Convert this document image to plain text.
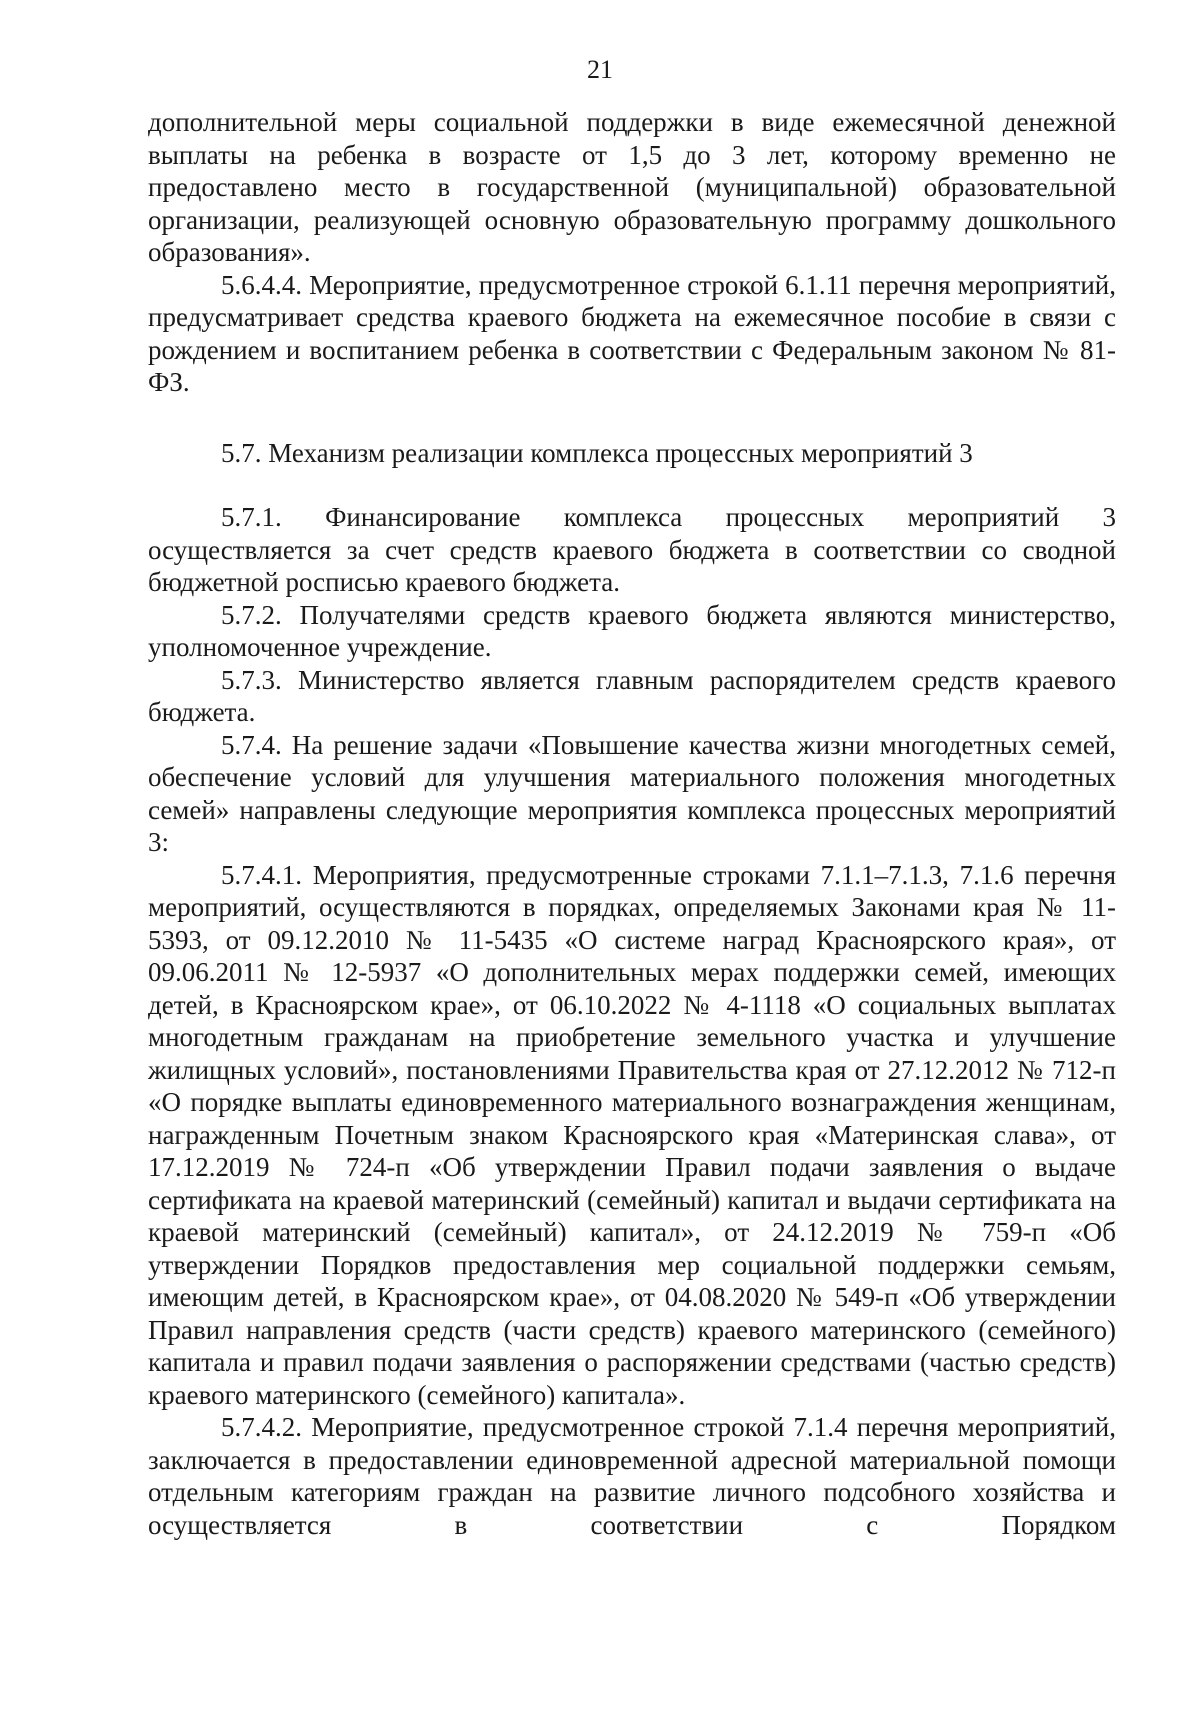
21

дополнительной меры социальной поддержки в виде ежемесячной денежной выплаты на ребенка в возрасте от 1,5 до 3 лет, которому временно не предоставлено место в государственной (муниципальной) образовательной организации, реализующей основную образовательную программу дошкольного образования».

5.6.4.4. Мероприятие, предусмотренное строкой 6.1.11 перечня мероприятий, предусматривает средства краевого бюджета на ежемесячное пособие в связи с рождением и воспитанием ребенка в соответствии с Федеральным законом № 81-ФЗ.

5.7. Механизм реализации комплекса процессных мероприятий 3

5.7.1. Финансирование комплекса процессных мероприятий 3 осуществляется за счет средств краевого бюджета в соответствии со сводной бюджетной росписью краевого бюджета.

5.7.2. Получателями средств краевого бюджета являются министерство, уполномоченное учреждение.

5.7.3. Министерство является главным распорядителем средств краевого бюджета.

5.7.4. На решение задачи «Повышение качества жизни многодетных семей, обеспечение условий для улучшения материального положения многодетных семей» направлены следующие мероприятия комплекса процессных мероприятий 3:

5.7.4.1. Мероприятия, предусмотренные строками 7.1.1–7.1.3, 7.1.6 перечня мероприятий, осуществляются в порядках, определяемых Законами края № 11-5393, от 09.12.2010 № 11-5435 «О системе наград Красноярского края», от 09.06.2011 № 12-5937 «О дополнительных мерах поддержки семей, имеющих детей, в Красноярском крае», от 06.10.2022 № 4-1118 «О социальных выплатах многодетным гражданам на приобретение земельного участка и улучшение жилищных условий», постановлениями Правительства края от 27.12.2012 № 712-п «О порядке выплаты единовременного материального вознаграждения женщинам, награжденным Почетным знаком Красноярского края «Материнская слава», от 17.12.2019 № 724-п «Об утверждении Правил подачи заявления о выдаче сертификата на краевой материнский (семейный) капитал и выдачи сертификата на краевой материнский (семейный) капитал», от 24.12.2019 № 759-п «Об утверждении Порядков предоставления мер социальной поддержки семьям, имеющим детей, в Красноярском крае», от 04.08.2020 № 549-п «Об утверждении Правил направления средств (части средств) краевого материнского (семейного) капитала и правил подачи заявления о распоряжении средствами (частью средств) краевого материнского (семейного) капитала».

5.7.4.2. Мероприятие, предусмотренное строкой 7.1.4 перечня мероприятий, заключается в предоставлении единовременной адресной материальной помощи отдельным категориям граждан на развитие личного подсобного хозяйства и осуществляется в соответствии с Порядком
